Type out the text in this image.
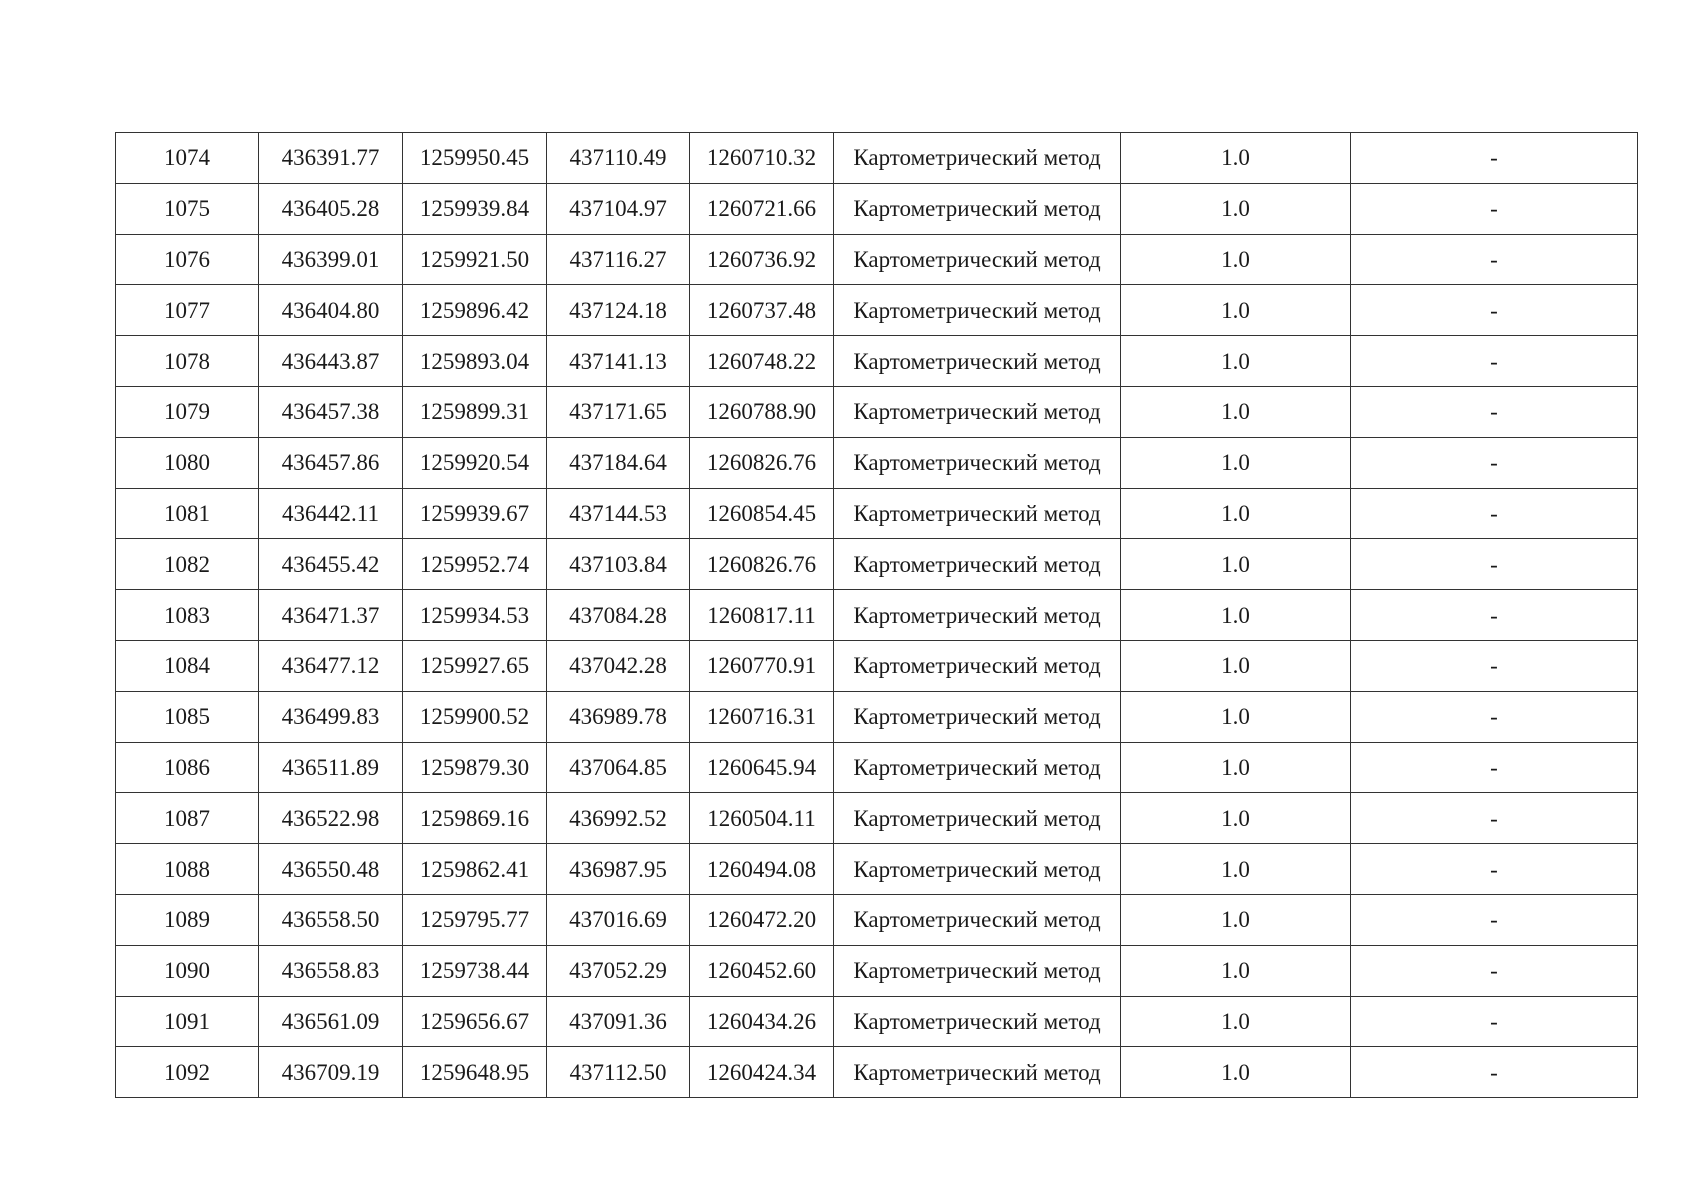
1074	436391.77	1259950.45	437110.49	1260710.32	Картометрический метод	1.0	-
1075	436405.28	1259939.84	437104.97	1260721.66	Картометрический метод	1.0	-
1076	436399.01	1259921.50	437116.27	1260736.92	Картометрический метод	1.0	-
1077	436404.80	1259896.42	437124.18	1260737.48	Картометрический метод	1.0	-
1078	436443.87	1259893.04	437141.13	1260748.22	Картометрический метод	1.0	-
1079	436457.38	1259899.31	437171.65	1260788.90	Картометрический метод	1.0	-
1080	436457.86	1259920.54	437184.64	1260826.76	Картометрический метод	1.0	-
1081	436442.11	1259939.67	437144.53	1260854.45	Картометрический метод	1.0	-
1082	436455.42	1259952.74	437103.84	1260826.76	Картометрический метод	1.0	-
1083	436471.37	1259934.53	437084.28	1260817.11	Картометрический метод	1.0	-
1084	436477.12	1259927.65	437042.28	1260770.91	Картометрический метод	1.0	-
1085	436499.83	1259900.52	436989.78	1260716.31	Картометрический метод	1.0	-
1086	436511.89	1259879.30	437064.85	1260645.94	Картометрический метод	1.0	-
1087	436522.98	1259869.16	436992.52	1260504.11	Картометрический метод	1.0	-
1088	436550.48	1259862.41	436987.95	1260494.08	Картометрический метод	1.0	-
1089	436558.50	1259795.77	437016.69	1260472.20	Картометрический метод	1.0	-
1090	436558.83	1259738.44	437052.29	1260452.60	Картометрический метод	1.0	-
1091	436561.09	1259656.67	437091.36	1260434.26	Картометрический метод	1.0	-
1092	436709.19	1259648.95	437112.50	1260424.34	Картометрический метод	1.0	-
